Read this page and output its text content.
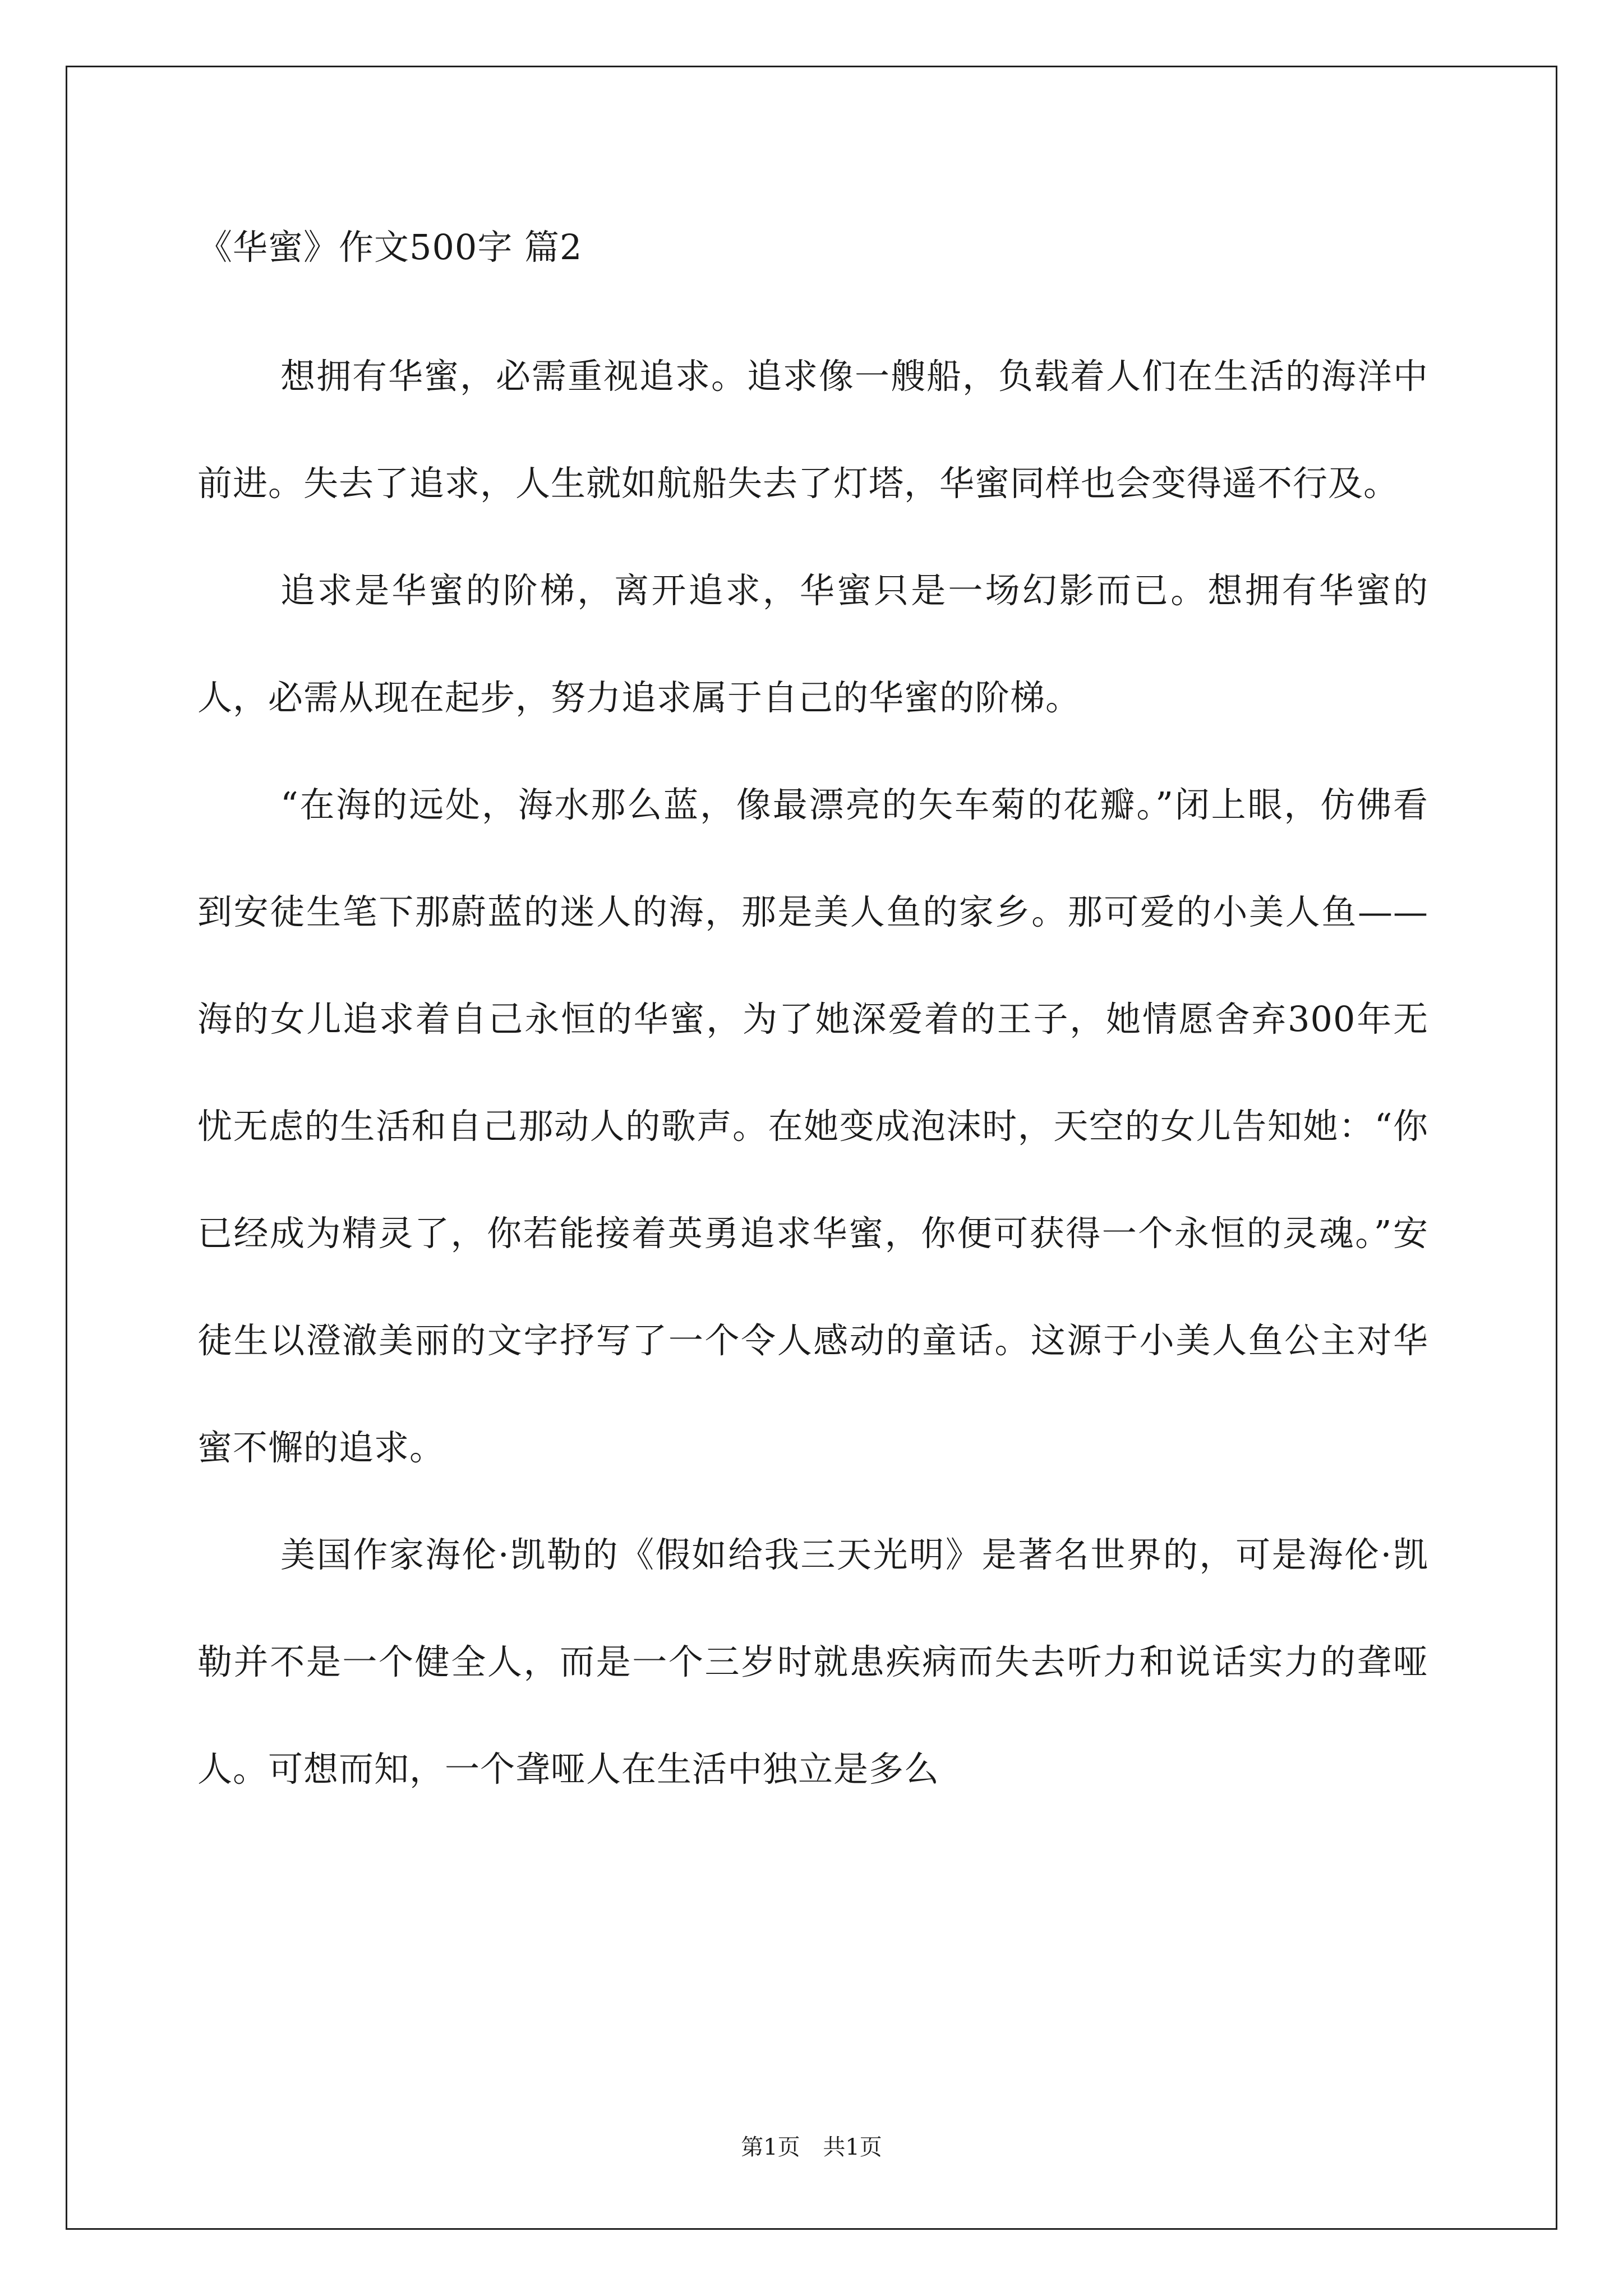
《华蜜》作文500字 篇2

想拥有华蜜，必需重视追求。追求像一艘船，负载着人们在生活的海洋中前进。失去了追求，人生就如航船失去了灯塔，华蜜同样也会变得遥不行及。

追求是华蜜的阶梯，离开追求，华蜜只是一场幻影而已。想拥有华蜜的人，必需从现在起步，努力追求属于自己的华蜜的阶梯。

“在海的远处，海水那么蓝，像最漂亮的矢车菊的花瓣。”闭上眼，仿佛看到安徒生笔下那蔚蓝的迷人的海，那是美人鱼的家乡。那可爱的小美人鱼——海的女儿追求着自己永恒的华蜜，为了她深爱着的王子，她情愿舍弃300年无忧无虑的生活和自己那动人的歌声。在她变成泡沫时，天空的女儿告知她：“你已经成为精灵了，你若能接着英勇追求华蜜，你便可获得一个永恒的灵魂。”安徒生以澄澈美丽的文字抒写了一个令人感动的童话。这源于小美人鱼公主对华蜜不懈的追求。

美国作家海伦·凯勒的《假如给我三天光明》是著名世界的，可是海伦·凯勒并不是一个健全人，而是一个三岁时就患疾病而失去听力和说话实力的聋哑人。可想而知，一个聋哑人在生活中独立是多么

第1页 共1页
